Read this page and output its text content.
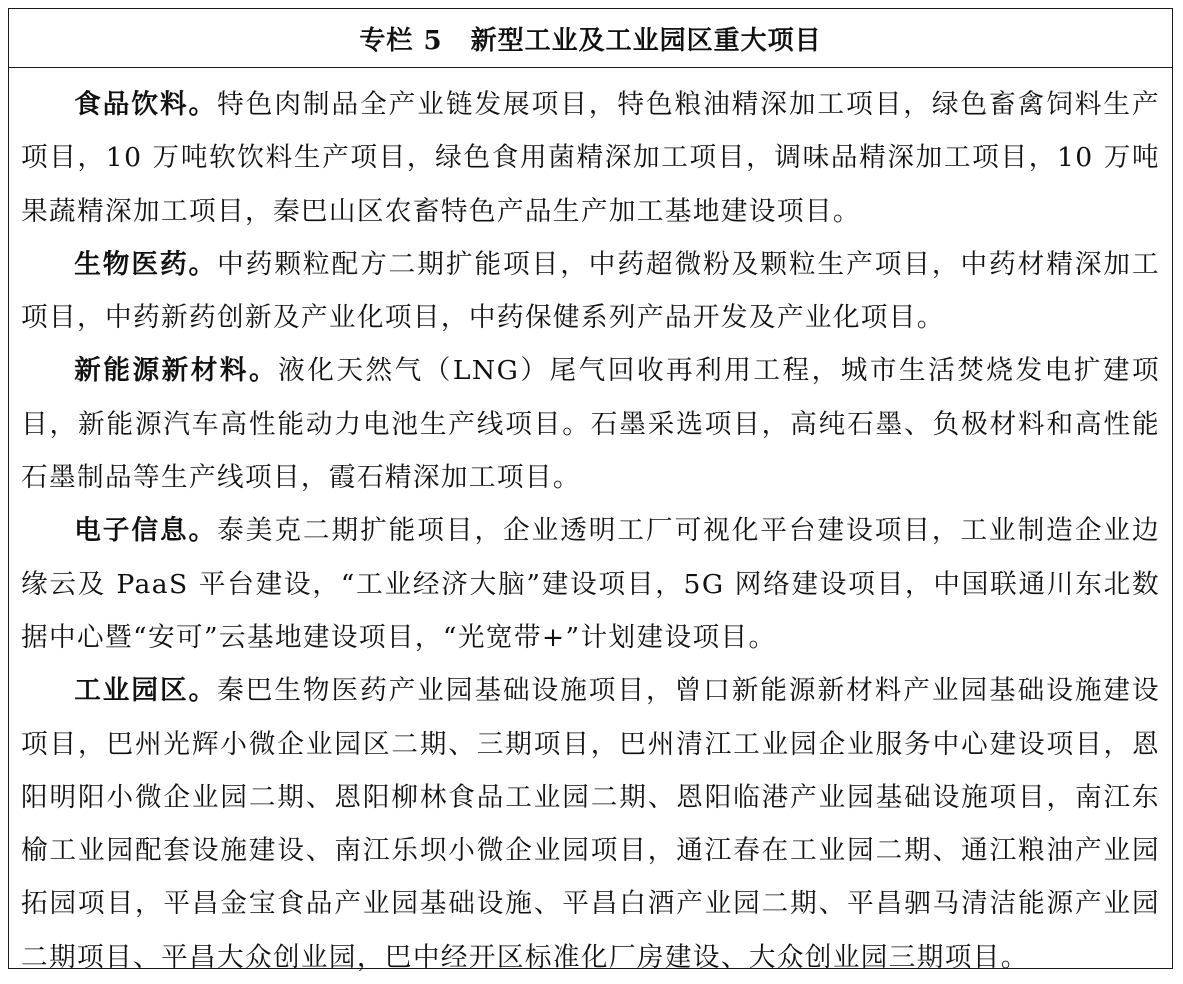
专栏 5 新型工业及工业园区重大项目

食品饮料。特色肉制品全产业链发展项目，特色粮油精深加工项目，绿色畜禽饲料生产项目，10 万吨软饮料生产项目，绿色食用菌精深加工项目，调味品精深加工项目，10 万吨果蔬精深加工项目，秦巴山区农畜特色产品生产加工基地建设项目。

生物医药。中药颗粒配方二期扩能项目，中药超微粉及颗粒生产项目，中药材精深加工项目，中药新药创新及产业化项目，中药保健系列产品开发及产业化项目。

新能源新材料。液化天然气（LNG）尾气回收再利用工程，城市生活焚烧发电扩建项目，新能源汽车高性能动力电池生产线项目。石墨采选项目，高纯石墨、负极材料和高性能石墨制品等生产线项目，霞石精深加工项目。

电子信息。泰美克二期扩能项目，企业透明工厂可视化平台建设项目，工业制造企业边缘云及 PaaS 平台建设，“工业经济大脑”建设项目，5G 网络建设项目，中国联通川东北数据中心暨“安可”云基地建设项目，“光宽带+”计划建设项目。

工业园区。秦巴生物医药产业园基础设施项目，曾口新能源新材料产业园基础设施建设项目，巴州光辉小微企业园区二期、三期项目，巴州清江工业园企业服务中心建设项目，恩阳明阳小微企业园二期、恩阳柳林食品工业园二期、恩阳临港产业园基础设施项目，南江东榆工业园配套设施建设、南江乐坝小微企业园项目，通江春在工业园二期、通江粮油产业园拓园项目，平昌金宝食品产业园基础设施、平昌白酒产业园二期、平昌驷马清洁能源产业园二期项目、平昌大众创业园，巴中经开区标准化厂房建设、大众创业园三期项目。
